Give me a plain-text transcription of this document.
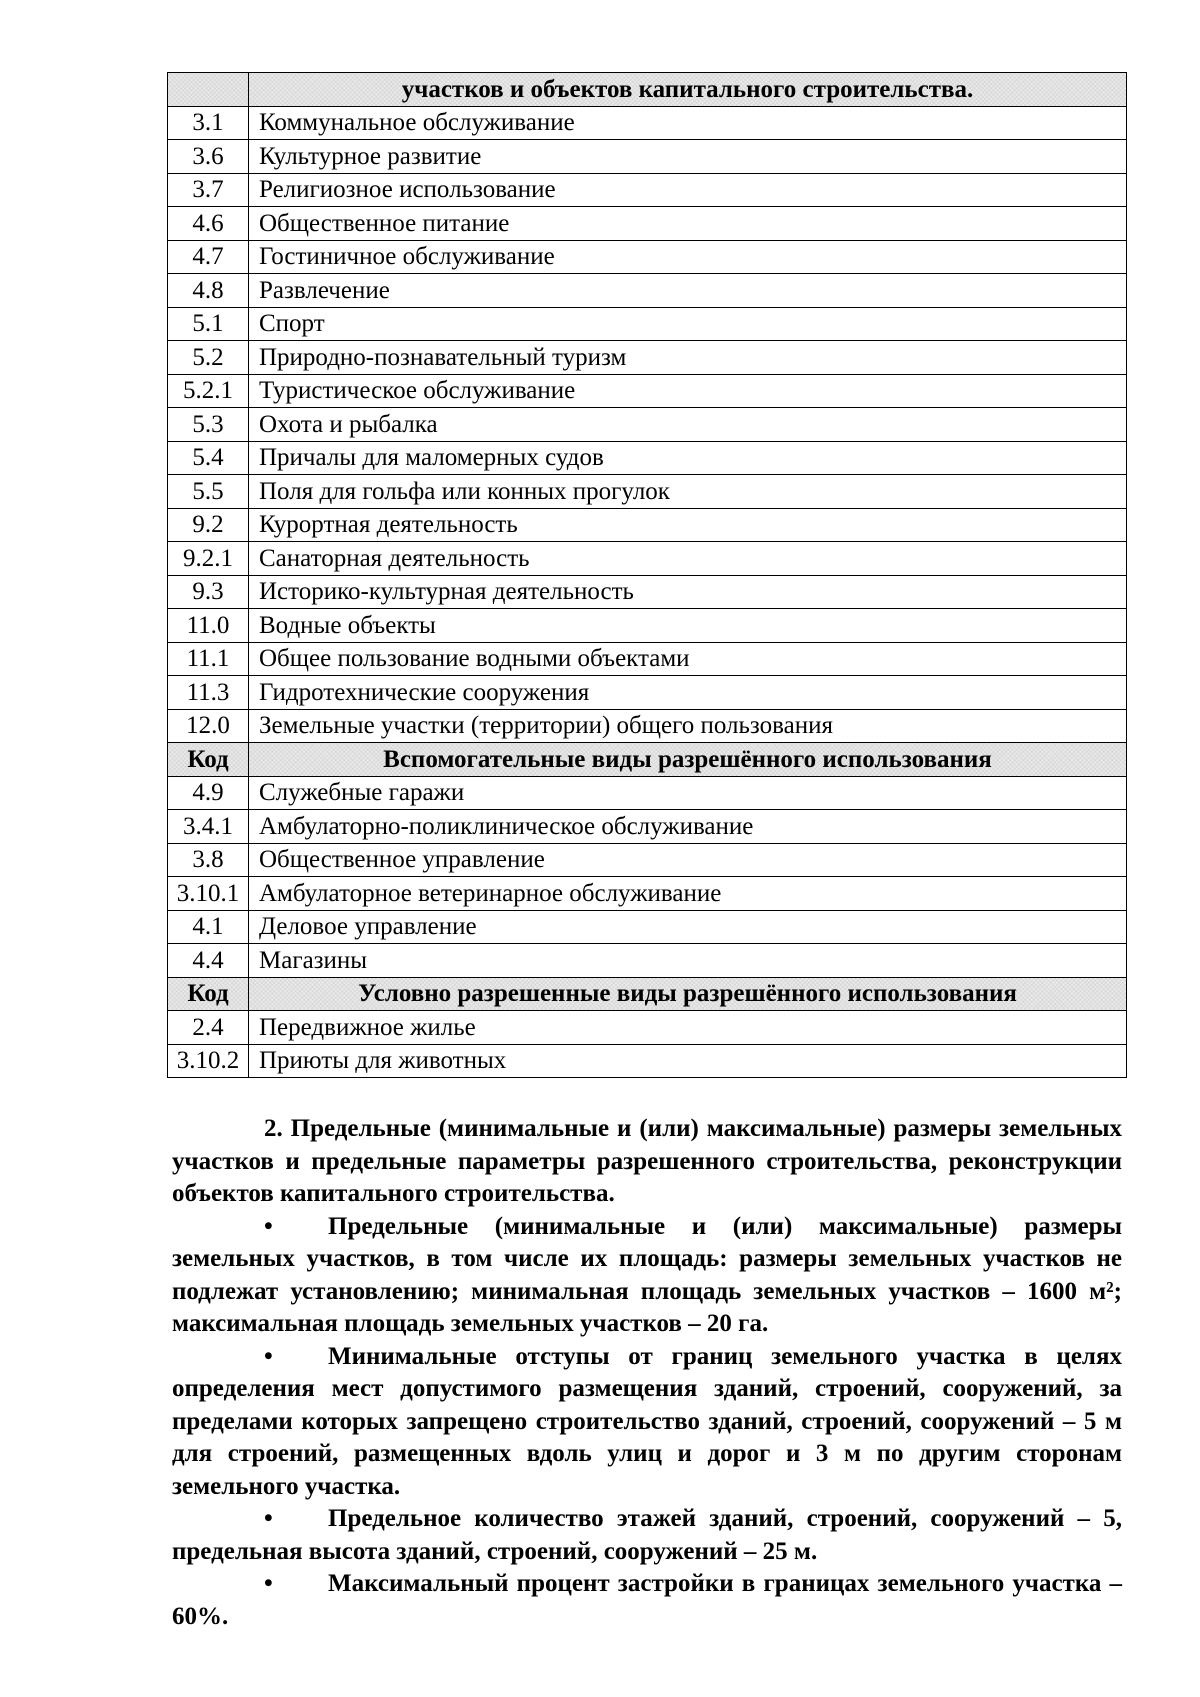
	участков и объектов капитального строительства.
3.1	Коммунальное обслуживание
3.6	Культурное развитие
3.7	Религиозное использование
4.6	Общественное питание
4.7	Гостиничное обслуживание
4.8	Развлечение
5.1	Спорт
5.2	Природно-познавательный туризм
5.2.1	Туристическое обслуживание
5.3	Охота и рыбалка
5.4	Причалы для маломерных судов
5.5	Поля для гольфа или конных прогулок
9.2	Курортная деятельность
9.2.1	Санаторная деятельность
9.3	Историко-культурная деятельность
11.0	Водные объекты
11.1	Общее пользование водными объектами
11.3	Гидротехнические сооружения
12.0	Земельные участки (территории) общего пользования
Код	Вспомогательные виды разрешённого использования
4.9	Служебные гаражи
3.4.1	Амбулаторно-поликлиническое обслуживание
3.8	Общественное управление
3.10.1	Амбулаторное ветеринарное обслуживание
4.1	Деловое управление
4.4	Магазины
Код	Условно разрешенные виды разрешённого использования
2.4	Передвижное жилье
3.10.2	Приюты для животных

2. Предельные (минимальные и (или) максимальные) размеры земельных участков и предельные параметры разрешенного строительства, реконструкции объектов капитального строительства.

• Предельные (минимальные и (или) максимальные) размеры земельных участков, в том числе их площадь: размеры земельных участков не подлежат установлению; минимальная площадь земельных участков – 1600 м²; максимальная площадь земельных участков – 20 га.

• Минимальные отступы от границ земельного участка в целях определения мест допустимого размещения зданий, строений, сооружений, за пределами которых запрещено строительство зданий, строений, сооружений – 5 м для строений, размещенных вдоль улиц и дорог и 3 м по другим сторонам земельного участка.

• Предельное количество этажей зданий, строений, сооружений – 5, предельная высота зданий, строений, сооружений – 25 м.

• Максимальный процент застройки в границах земельного участка – 60%.
